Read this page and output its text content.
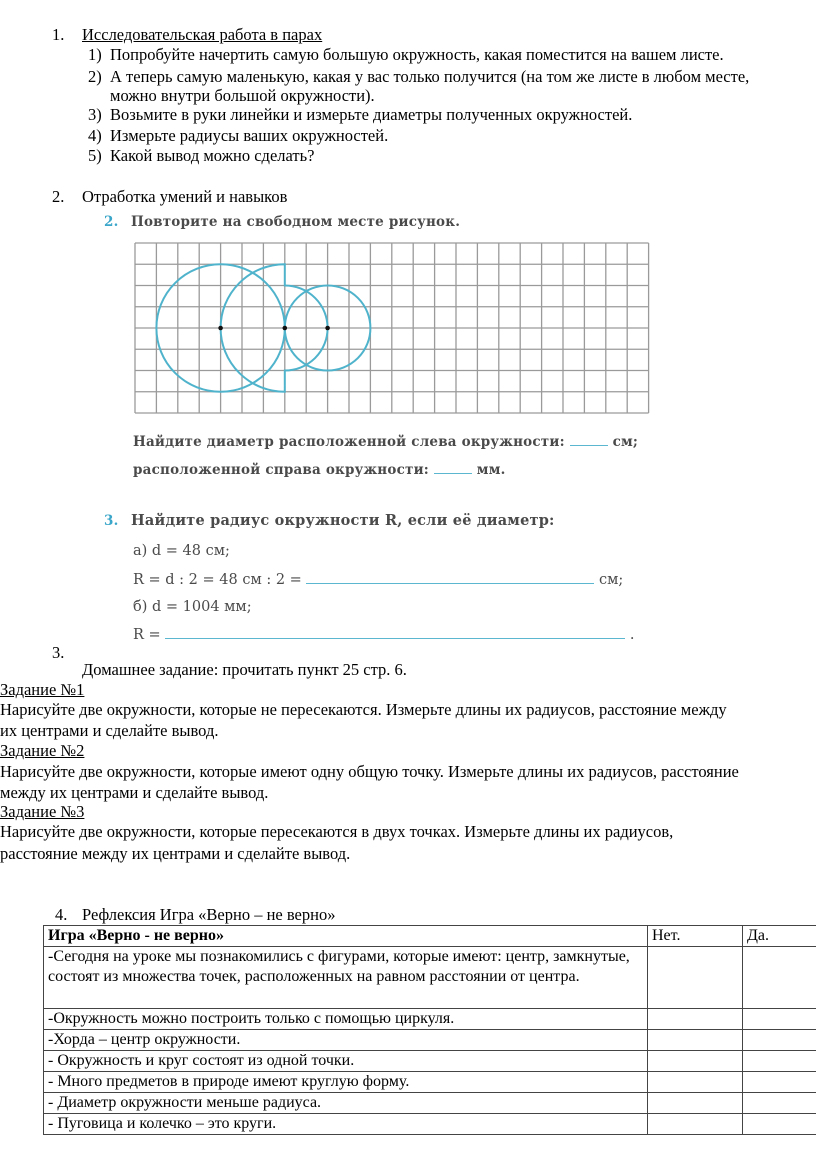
1. Исследовательская работа в парах
1) Попробуйте начертить самую большую окружность, какая поместится на вашем листе.
2) А теперь самую маленькую, какая у вас только получится (на том же листе в любом месте,
можно внутри большой окружности).
3) Возьмите в руки линейки и измерьте диаметры полученных окружностей.
4) Измерьте радиусы ваших окружностей.
5) Какой вывод можно сделать?
2. Отработка умений и навыков
2. Повторите на свободном месте рисунок.
Найдите диаметр расположенной слева окружности:	см;
расположенной справа окружности:	мм.
3. Найдите радиус окружности R, если её диаметр:
а) d = 48 см;
R = d : 2 = 48 см : 2 =	см;
б) d = 1004 мм;
R =	.
3.
Домашнее задание: прочитать пункт 25 стр. 6.
Задание №1
Нарисуйте две окружности, которые не пересекаются. Измерьте длины их радиусов, расстояние между
их центрами и сделайте вывод.
Задание №2
Нарисуйте две окружности, которые имеют одну общую точку. Измерьте длины их радиусов, расстояние
между их центрами и сделайте вывод.
Задание №3
Нарисуйте две окружности, которые пересекаются в двух точках. Измерьте длины их радиусов,
расстояние между их центрами и сделайте вывод.
4. Рефлексия Игра «Верно – не верно»
Игра «Верно - не верно»	Нет.	Да.
-Сегодня на уроке мы познакомились с фигурами, которые имеют: центр, замкнутые, состоят из множества точек, расположенных на равном расстоянии от центра.		
-Окружность можно построить только с помощью циркуля.		
-Хорда – центр окружности.		
- Окружность и круг состоят из одной точки.		
- Много предметов в природе имеют круглую форму.		
- Диаметр окружности меньше радиуса.		
- Пуговица и колечко – это круги.		
